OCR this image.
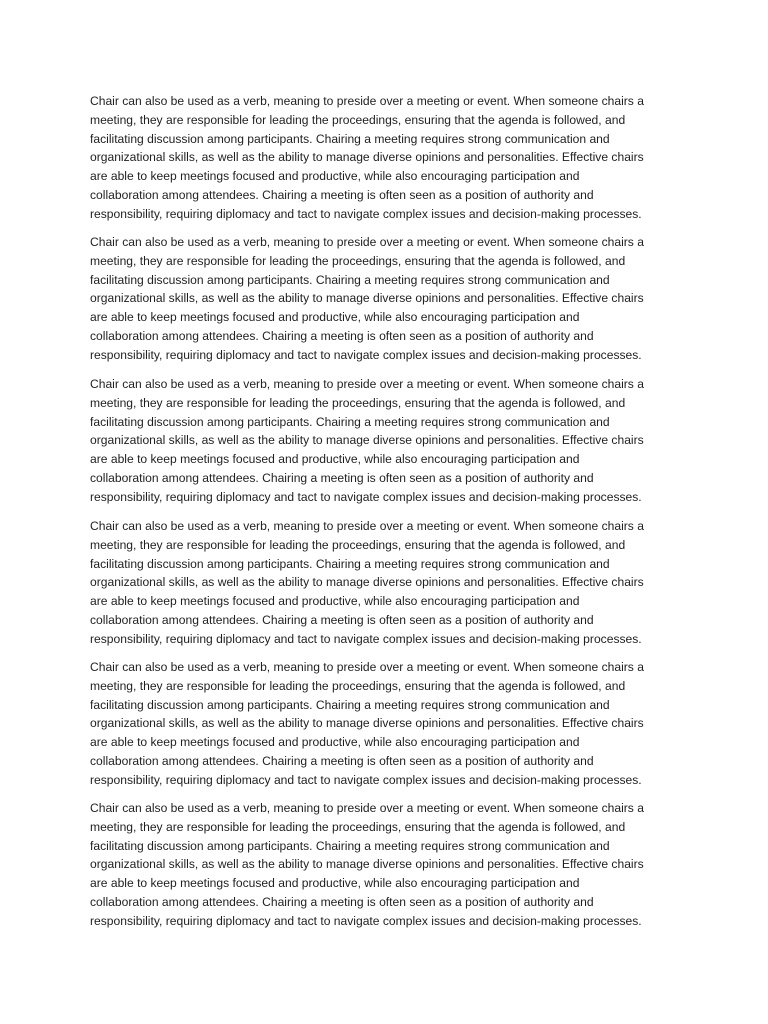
Chair can also be used as a verb, meaning to preside over a meeting or event. When someone chairs a
meeting, they are responsible for leading the proceedings, ensuring that the agenda is followed, and
facilitating discussion among participants. Chairing a meeting requires strong communication and
organizational skills, as well as the ability to manage diverse opinions and personalities. Effective chairs
are able to keep meetings focused and productive, while also encouraging participation and
collaboration among attendees. Chairing a meeting is often seen as a position of authority and
responsibility, requiring diplomacy and tact to navigate complex issues and decision-making processes.
Chair can also be used as a verb, meaning to preside over a meeting or event. When someone chairs a
meeting, they are responsible for leading the proceedings, ensuring that the agenda is followed, and
facilitating discussion among participants. Chairing a meeting requires strong communication and
organizational skills, as well as the ability to manage diverse opinions and personalities. Effective chairs
are able to keep meetings focused and productive, while also encouraging participation and
collaboration among attendees. Chairing a meeting is often seen as a position of authority and
responsibility, requiring diplomacy and tact to navigate complex issues and decision-making processes.
Chair can also be used as a verb, meaning to preside over a meeting or event. When someone chairs a
meeting, they are responsible for leading the proceedings, ensuring that the agenda is followed, and
facilitating discussion among participants. Chairing a meeting requires strong communication and
organizational skills, as well as the ability to manage diverse opinions and personalities. Effective chairs
are able to keep meetings focused and productive, while also encouraging participation and
collaboration among attendees. Chairing a meeting is often seen as a position of authority and
responsibility, requiring diplomacy and tact to navigate complex issues and decision-making processes.
Chair can also be used as a verb, meaning to preside over a meeting or event. When someone chairs a
meeting, they are responsible for leading the proceedings, ensuring that the agenda is followed, and
facilitating discussion among participants. Chairing a meeting requires strong communication and
organizational skills, as well as the ability to manage diverse opinions and personalities. Effective chairs
are able to keep meetings focused and productive, while also encouraging participation and
collaboration among attendees. Chairing a meeting is often seen as a position of authority and
responsibility, requiring diplomacy and tact to navigate complex issues and decision-making processes.
Chair can also be used as a verb, meaning to preside over a meeting or event. When someone chairs a
meeting, they are responsible for leading the proceedings, ensuring that the agenda is followed, and
facilitating discussion among participants. Chairing a meeting requires strong communication and
organizational skills, as well as the ability to manage diverse opinions and personalities. Effective chairs
are able to keep meetings focused and productive, while also encouraging participation and
collaboration among attendees. Chairing a meeting is often seen as a position of authority and
responsibility, requiring diplomacy and tact to navigate complex issues and decision-making processes.
Chair can also be used as a verb, meaning to preside over a meeting or event. When someone chairs a
meeting, they are responsible for leading the proceedings, ensuring that the agenda is followed, and
facilitating discussion among participants. Chairing a meeting requires strong communication and
organizational skills, as well as the ability to manage diverse opinions and personalities. Effective chairs
are able to keep meetings focused and productive, while also encouraging participation and
collaboration among attendees. Chairing a meeting is often seen as a position of authority and
responsibility, requiring diplomacy and tact to navigate complex issues and decision-making processes.
